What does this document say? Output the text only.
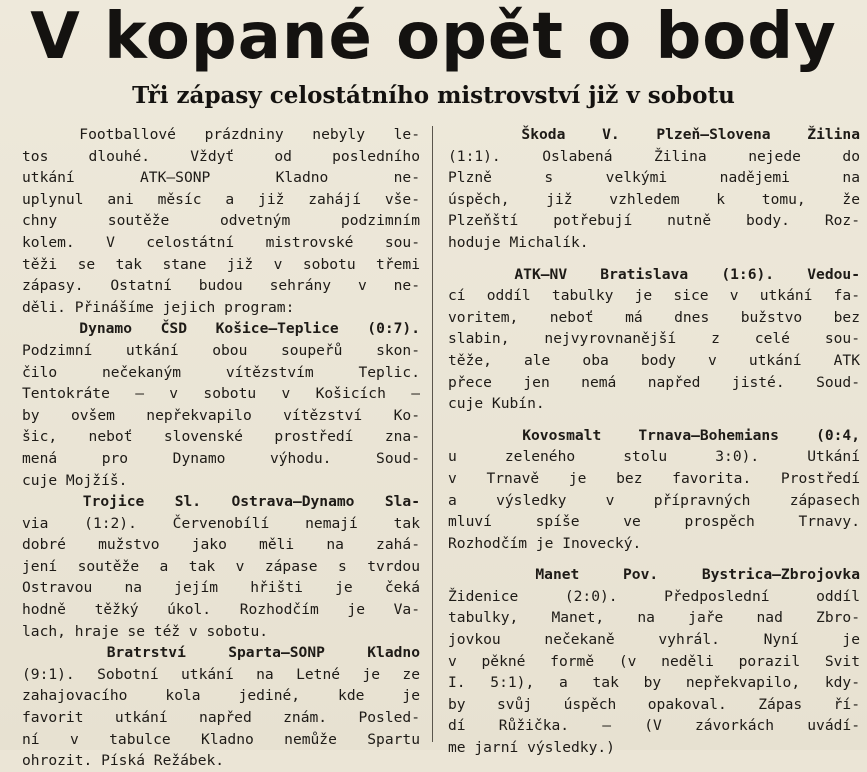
V kopané opět o body
Tři zápasy celostátního mistrovství již v sobotu
Footballové prázdniny nebyly le-
tos dlouhé. Vždyť od posledního
utkání ATK—SONP Kladno ne-
uplynul ani měsíc a již zahájí vše-
chny soutěže odvetným podzimním
kolem. V celostátní mistrovské sou-
těži se tak stane již v sobotu třemi
zápasy. Ostatní budou sehrány v ne-
děli. Přinášíme jejich program:
Dynamo ČSD Košice—Teplice (0:7).
Podzimní utkání obou soupeřů skon-
čilo nečekaným vítězstvím Teplic.
Tentokráte — v sobotu v Košicích —
by ovšem nepřekvapilo vítězství Ko-
šic, neboť slovenské prostředí zna-
mená pro Dynamo výhodu. Soud-
cuje Mojžíš.
Trojice Sl. Ostrava—Dynamo Sla-
via (1:2). Červenobílí nemají tak
dobré mužstvo jako měli na zahá-
jení soutěže a tak v zápase s tvrdou
Ostravou na jejím hřišti je čeká
hodně těžký úkol. Rozhodčím je Va-
lach, hraje se též v sobotu.
Bratrství Sparta—SONP Kladno
(9:1). Sobotní utkání na Letné je ze
zahajovacího kola jediné, kde je
favorit utkání napřed znám. Posled-
ní v tabulce Kladno nemůže Spartu
ohrozit. Píská Režábek.
Škoda V. Plzeň—Slovena Žilina
(1:1). Oslabená Žilina nejede do
Plzně s velkými nadějemi na
úspěch, již vzhledem k tomu, že
Plzeňští potřebují nutně body. Roz-
hoduje Michalík.
ATK—NV Bratislava (1:6). Vedou-
cí oddíl tabulky je sice v utkání fa-
voritem, neboť má dnes bužstvo bez
slabin, nejvyrovnanější z celé sou-
těže, ale oba body v utkání ATK
přece jen nemá napřed jisté. Soud-
cuje Kubín.
Kovosmalt Trnava—Bohemians (0:4,
u zeleného stolu 3:0). Utkání
v Trnavě je bez favorita. Prostředí
a výsledky v přípravných zápasech
mluví spíše ve prospěch Trnavy.
Rozhodčím je Inovecký.
Manet Pov. Bystrica—Zbrojovka
Židenice (2:0). Předposlední oddíl
tabulky, Manet, na jaře nad Zbro-
jovkou nečekaně vyhrál. Nyní je
v pěkné formě (v neděli porazil Svit
I. 5:1), a tak by nepřekvapilo, kdy-
by svůj úspěch opakoval. Zápas ří-
dí Růžička. — (V závorkách uvádí-
me jarní výsledky.)
